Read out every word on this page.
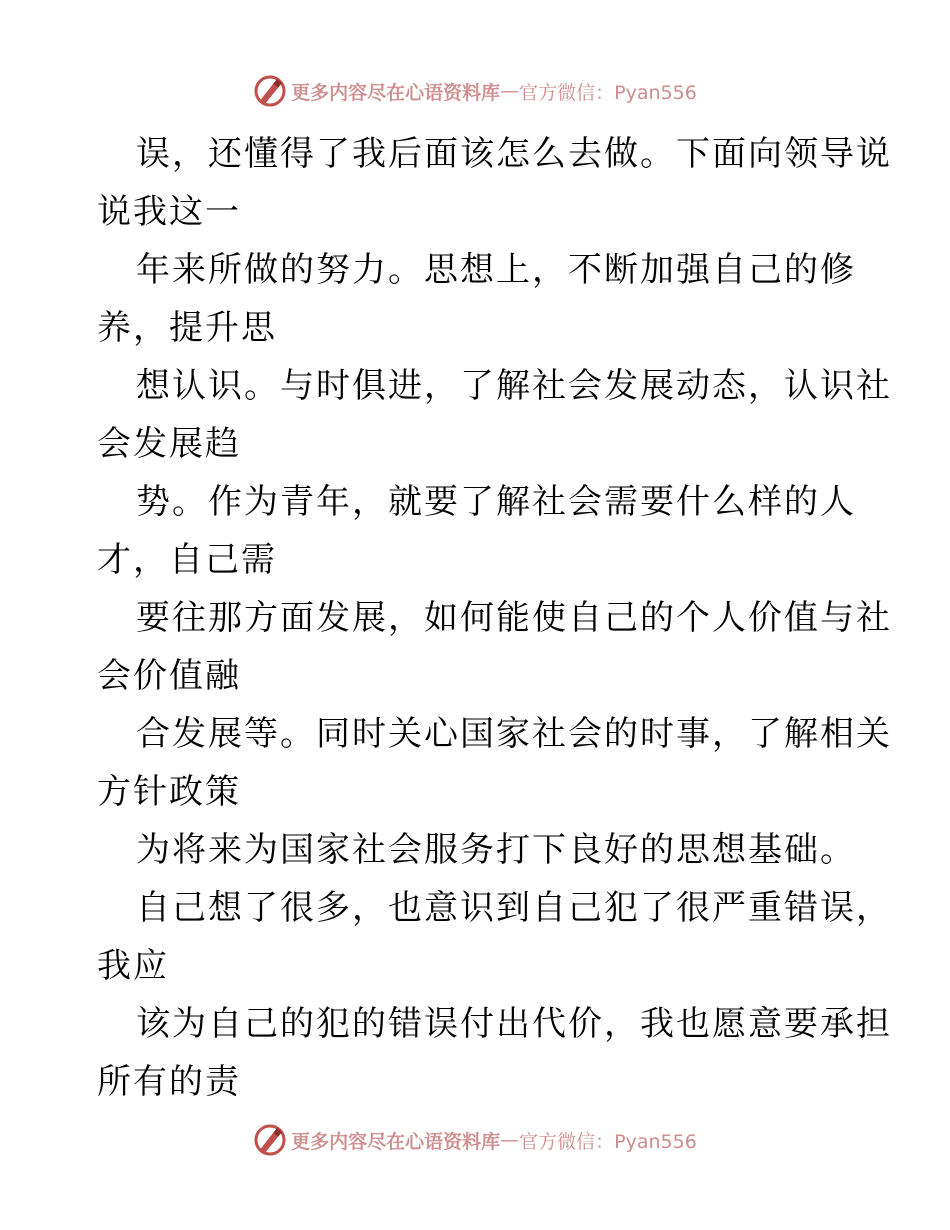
更多内容尽在心语资料库 — 官方微信：Pyan556
误，还懂得了我后面该怎么去做。下面向领导说
说我这一
年来所做的努力。思想上，不断加强自己的修
养，提升思
想认识。与时俱进，了解社会发展动态，认识社
会发展趋
势。作为青年，就要了解社会需要什么样的人
才，自己需
要往那方面发展，如何能使自己的个人价值与社
会价值融
合发展等。同时关心国家社会的时事，了解相关
方针政策
为将来为国家社会服务打下良好的思想基础。
自己想了很多，也意识到自己犯了很严重错误，
我应
该为自己的犯的错误付出代价，我也愿意要承担
所有的责
更多内容尽在心语资料库 — 官方微信：Pyan556
